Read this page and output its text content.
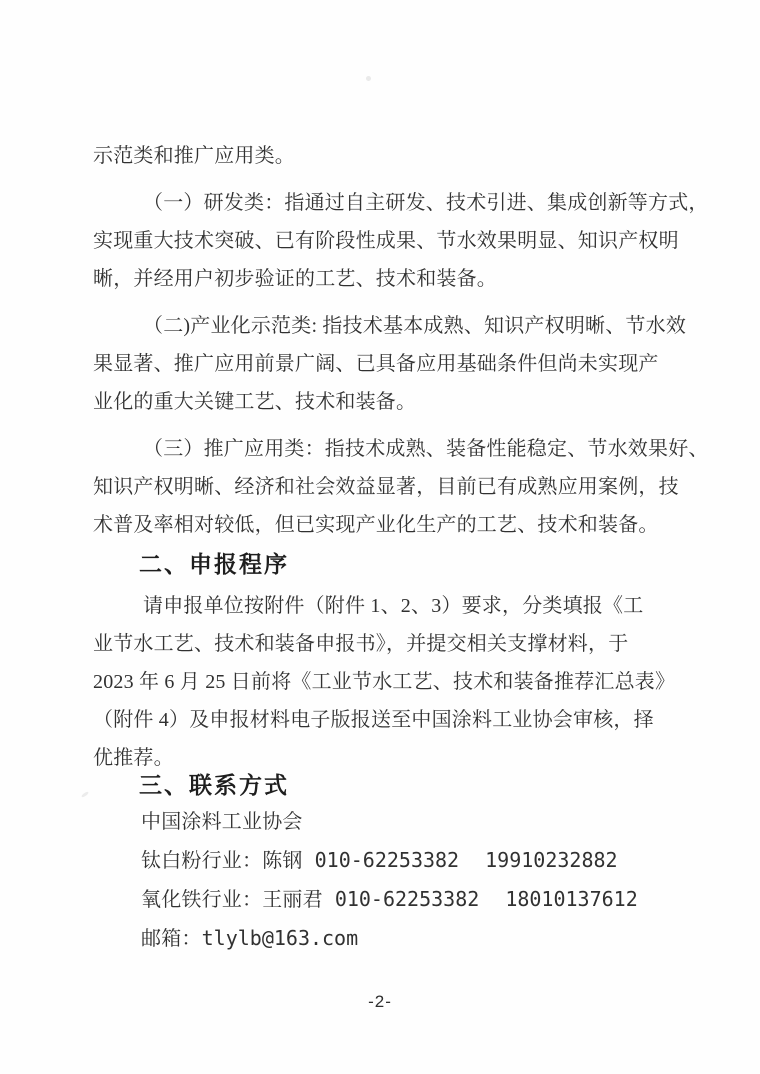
示范类和推广应用类。
（一）研发类：指通过自主研发、技术引进、集成创新等方式，
实现重大技术突破、已有阶段性成果、节水效果明显、知识产权明
晰，并经用户初步验证的工艺、技术和装备。
（二)产业化示范类: 指技术基本成熟、知识产权明晰、节水效
果显著、推广应用前景广阔、已具备应用基础条件但尚未实现产
业化的重大关键工艺、技术和装备。
（三）推广应用类：指技术成熟、装备性能稳定、节水效果好、
知识产权明晰、经济和社会效益显著，目前已有成熟应用案例，技
术普及率相对较低，但已实现产业化生产的工艺、技术和装备。
二、申报程序
请申报单位按附件（附件 1、2、3）要求，分类填报《工
业节水工艺、技术和装备申报书》，并提交相关支撑材料，于
2023 年 6 月 25 日前将《工业节水工艺、技术和装备推荐汇总表》
（附件 4）及申报材料电子版报送至中国涂料工业协会审核，择
优推荐。
三、联系方式
中国涂料工业协会
钛白粉行业：陈钢 010-62253382 19910232882
氧化铁行业：王丽君 010-62253382 18010137612
邮箱：tlylb@163.com
-2-
